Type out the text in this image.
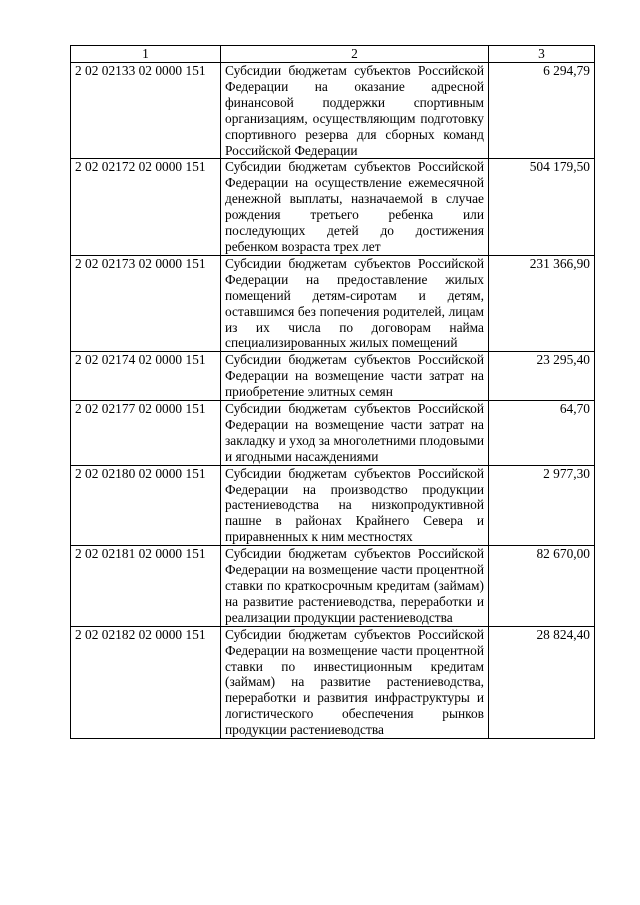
1	2	3
2 02 02133 02 0000 151	Субсидии бюджетам субъектов Российской Федерации на оказание адресной финансовой поддержки спортивным организациям, осуществляющим подготовку спортивного резерва для сборных команд Российской Федерации	6 294,79
2 02 02172 02 0000 151	Субсидии бюджетам субъектов Российской Федерации на осуществление ежемесячной денежной выплаты, назначаемой в случае рождения третьего ребенка или последующих детей до достижения ребенком возраста трех лет	504 179,50
2 02 02173 02 0000 151	Субсидии бюджетам субъектов Российской Федерации на предоставление жилых помещений детям-сиротам и детям, оставшимся без попечения родителей, лицам из их числа по договорам найма специализированных жилых помещений	231 366,90
2 02 02174 02 0000 151	Субсидии бюджетам субъектов Российской Федерации на возмещение части затрат на приобретение элитных семян	23 295,40
2 02 02177 02 0000 151	Субсидии бюджетам субъектов Российской Федерации на возмещение части затрат на закладку и уход за многолетними плодовыми и ягодными насаждениями	64,70
2 02 02180 02 0000 151	Субсидии бюджетам субъектов Российской Федерации на производство продукции растениеводства на низкопродуктивной пашне в районах Крайнего Севера и приравненных к ним местностях	2 977,30
2 02 02181 02 0000 151	Субсидии бюджетам субъектов Российской Федерации на возмещение части процентной ставки по краткосрочным кредитам (займам) на развитие растениеводства, переработки и реализации продукции растениеводства	82 670,00
2 02 02182 02 0000 151	Субсидии бюджетам субъектов Российской Федерации на возмещение части процентной ставки по инвестиционным кредитам (займам) на развитие растениеводства, переработки и развития инфраструктуры и логистического обеспечения рынков продукции растениеводства	28 824,40
